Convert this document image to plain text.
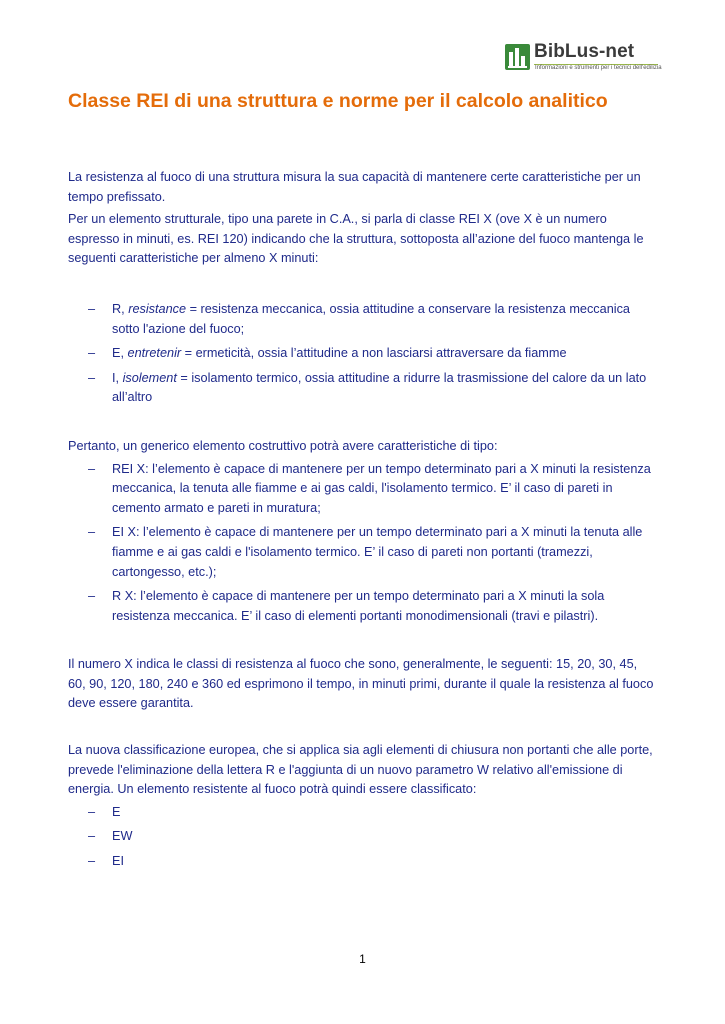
BibLus-net
Informazioni e strumenti per i tecnici dell'edilizia
Classe REI di una struttura e norme per il calcolo analitico

La resistenza al fuoco di una struttura misura la sua capacità di mantenere certe caratteristiche per un tempo prefissato.

Per un elemento strutturale, tipo una parete in C.A., si parla di classe REI X (ove X è un numero espresso in minuti, es. REI 120) indicando che la struttura, sottoposta all’azione del fuoco mantenga le seguenti caratteristiche per almeno X minuti:

– R, resistance = resistenza meccanica, ossia attitudine a conservare la resistenza meccanica sotto l'azione del fuoco;
– E, entretenir = ermeticità, ossia l’attitudine a non lasciarsi attraversare da fiamme
– I, isolement = isolamento termico, ossia attitudine a ridurre la trasmissione del calore da un lato all’altro

Pertanto, un generico elemento costruttivo potrà avere caratteristiche di tipo:

– REI X: l’elemento è capace di mantenere per un tempo determinato pari a X minuti la resistenza meccanica, la tenuta alle fiamme e ai gas caldi, l'isolamento termico. E’ il caso di pareti in cemento armato e pareti in muratura;
– EI X: l’elemento è capace di mantenere per un tempo determinato pari a X minuti la tenuta alle fiamme e ai gas caldi e l'isolamento termico. E’ il caso di pareti non portanti (tramezzi, cartongesso, etc.);
– R X: l’elemento è capace di mantenere per un tempo determinato pari a X minuti la sola resistenza meccanica. E’ il caso di elementi portanti monodimensionali (travi e pilastri).

Il numero X indica le classi di resistenza al fuoco che sono, generalmente, le seguenti: 15, 20, 30, 45, 60, 90, 120, 180, 240 e 360 ed esprimono il tempo, in minuti primi, durante il quale la resistenza al fuoco deve essere garantita.

La nuova classificazione europea, che si applica sia agli elementi di chiusura non portanti che alle porte, prevede l'eliminazione della lettera R e l'aggiunta di un nuovo parametro W relativo all'emissione di energia. Un elemento resistente al fuoco potrà quindi essere classificato:

– E
– EW
– EI
1
